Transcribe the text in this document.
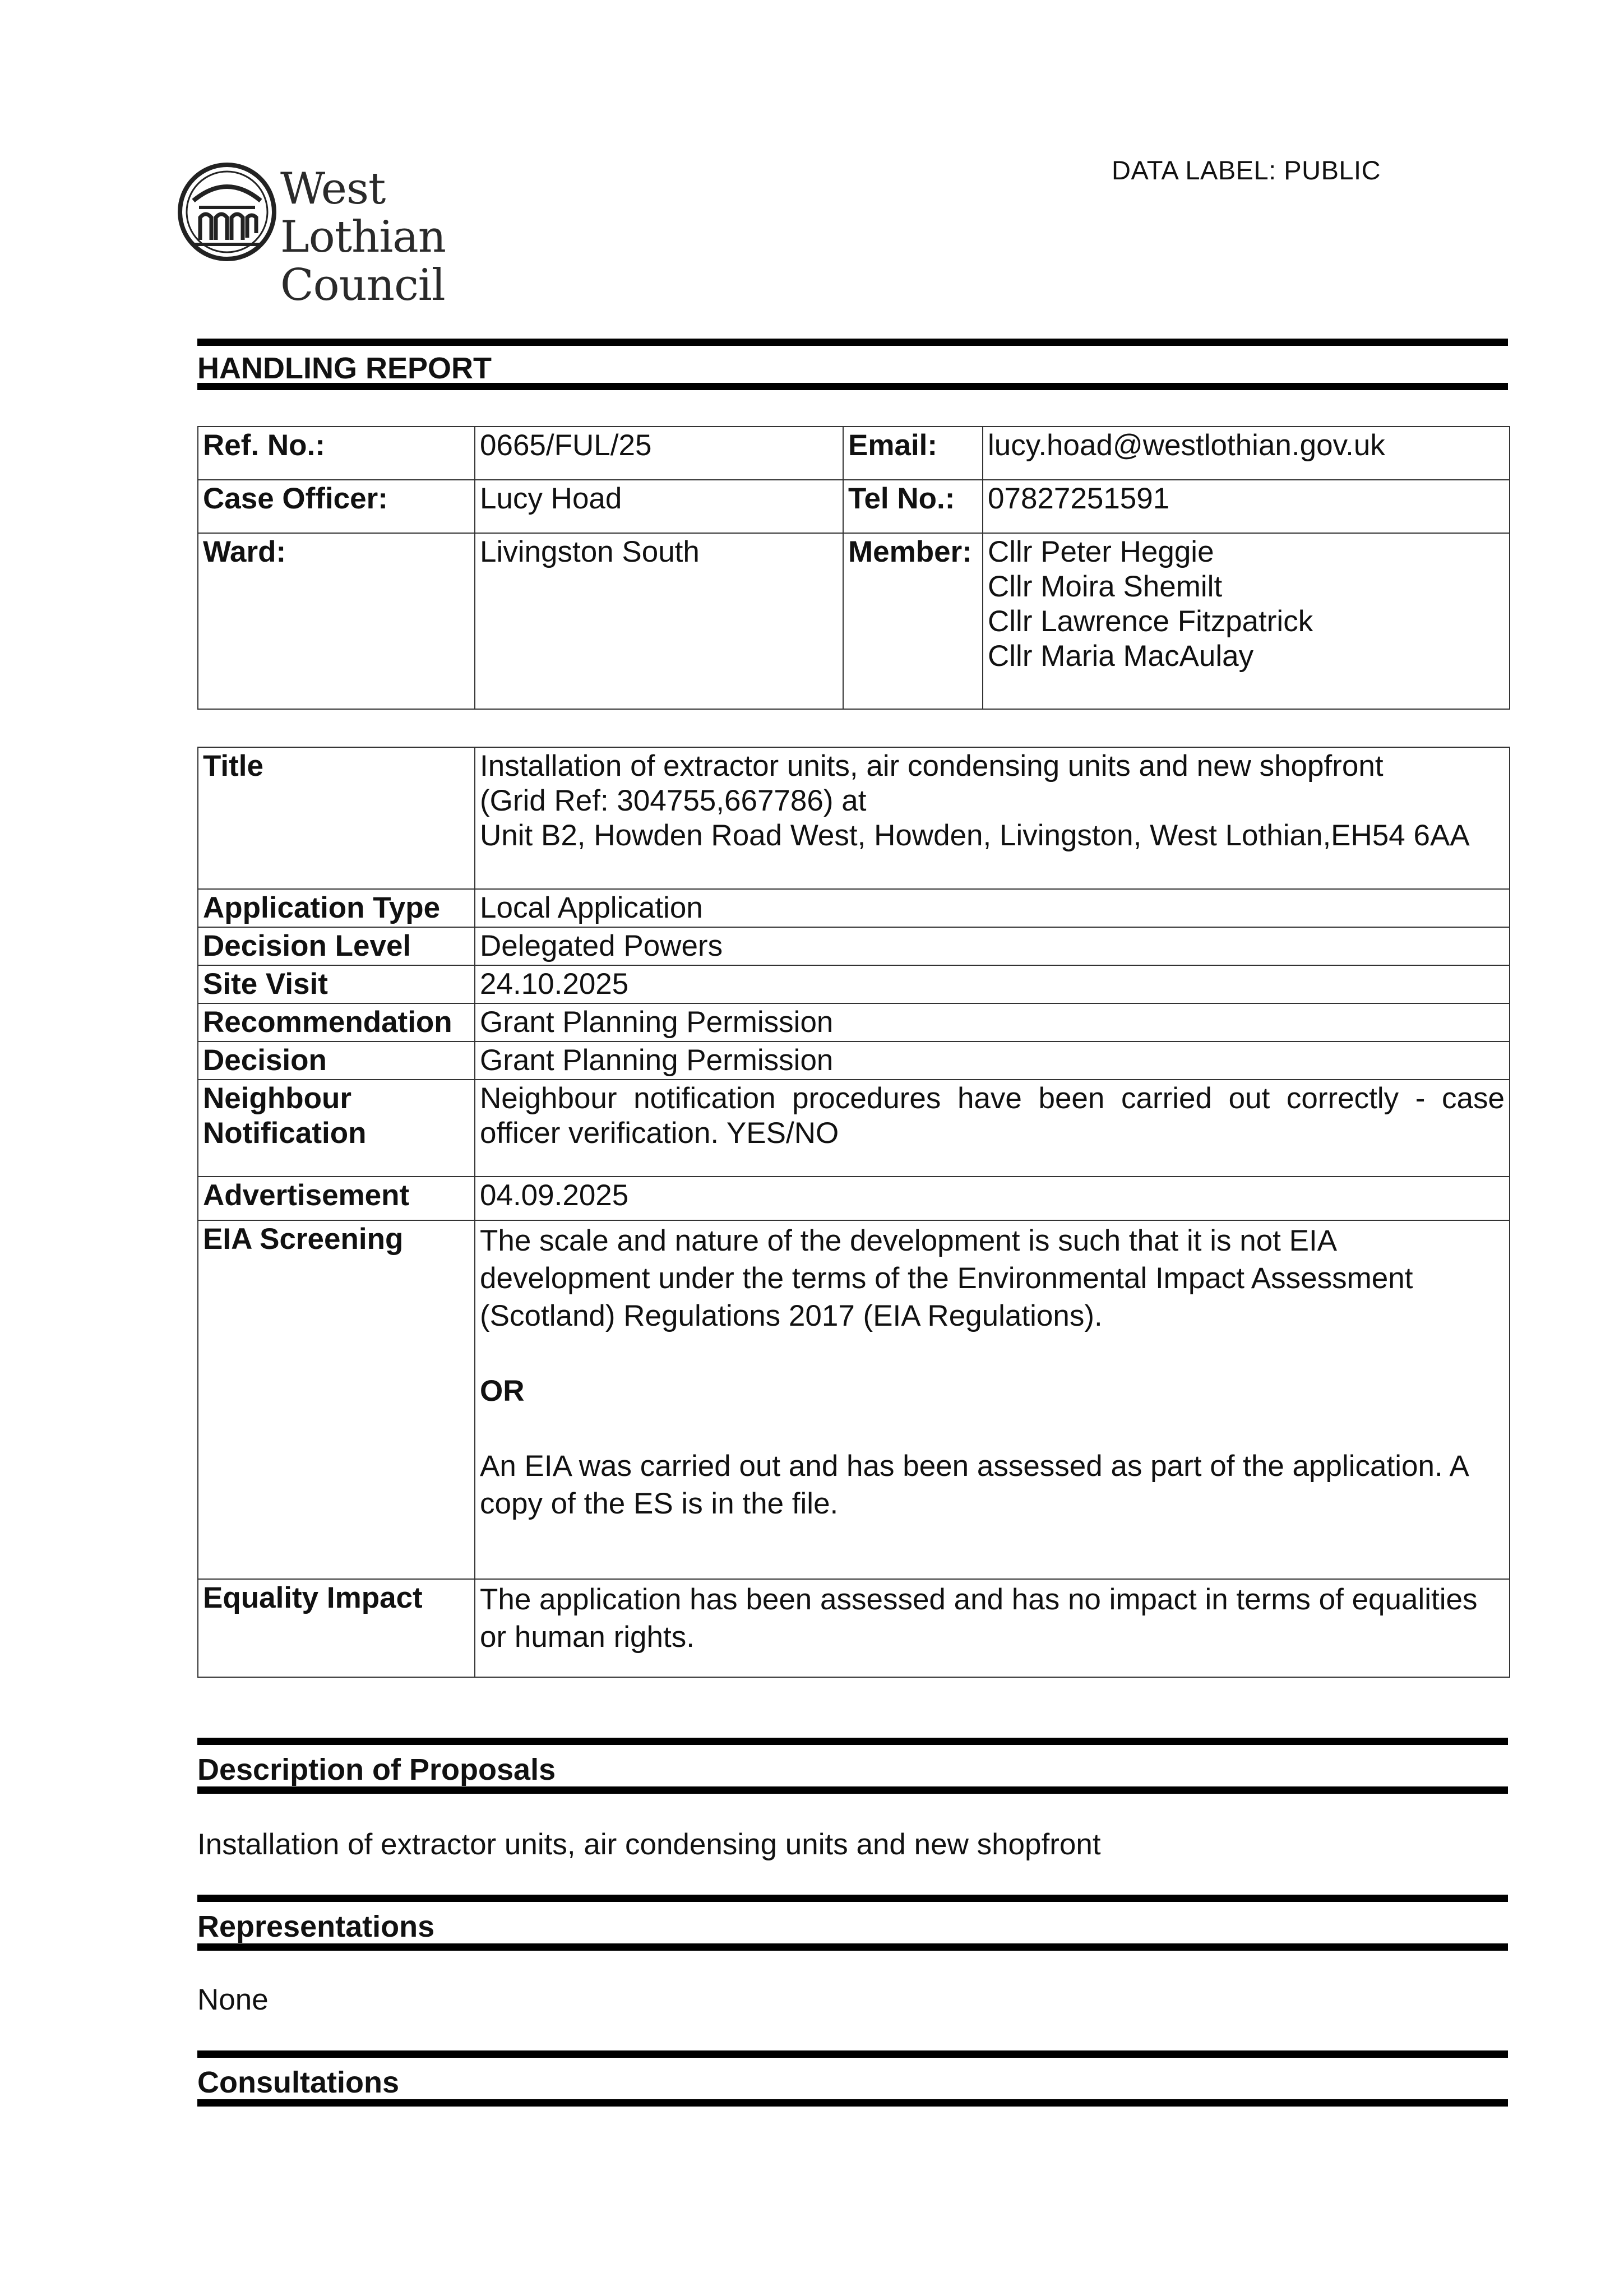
West Lothian
Council
DATA LABEL: PUBLIC
HANDLING REPORT
Ref. No.:	0665/FUL/25	Email:	lucy.hoad@westlothian.gov.uk
Case Officer:	Lucy Hoad	Tel No.:	07827251591
Ward:	Livingston South	Member:	Cllr Peter Heggie
Cllr Moira Shemilt
Cllr Lawrence Fitzpatrick
Cllr Maria MacAulay
Title	Installation of extractor units, air condensing units and new shopfront
(Grid Ref: 304755,667786) at
Unit B2, Howden Road West, Howden, Livingston, West Lothian,EH54 6AA

Application Type	Local Application
Decision Level	Delegated Powers
Site Visit	24.10.2025
Recommendation	Grant Planning Permission
Decision	Grant Planning Permission

Neighbour
Notification	Neighbour notification procedures have been carried out correctly - case
officer verification. YES/NO

Advertisement	04.09.2025
EIA Screening	The scale and nature of the development is such that it is not EIA development under the terms of the Environmental Impact Assessment (Scotland) Regulations 2017 (EIA Regulations).
OR
An EIA was carried out and has been assessed as part of the application. A copy of the ES is in the file.

Equality Impact	The application has been assessed and has no impact in terms of equalities or human rights.
Description of Proposals
Installation of extractor units, air condensing units and new shopfront
Representations
None
Consultations
